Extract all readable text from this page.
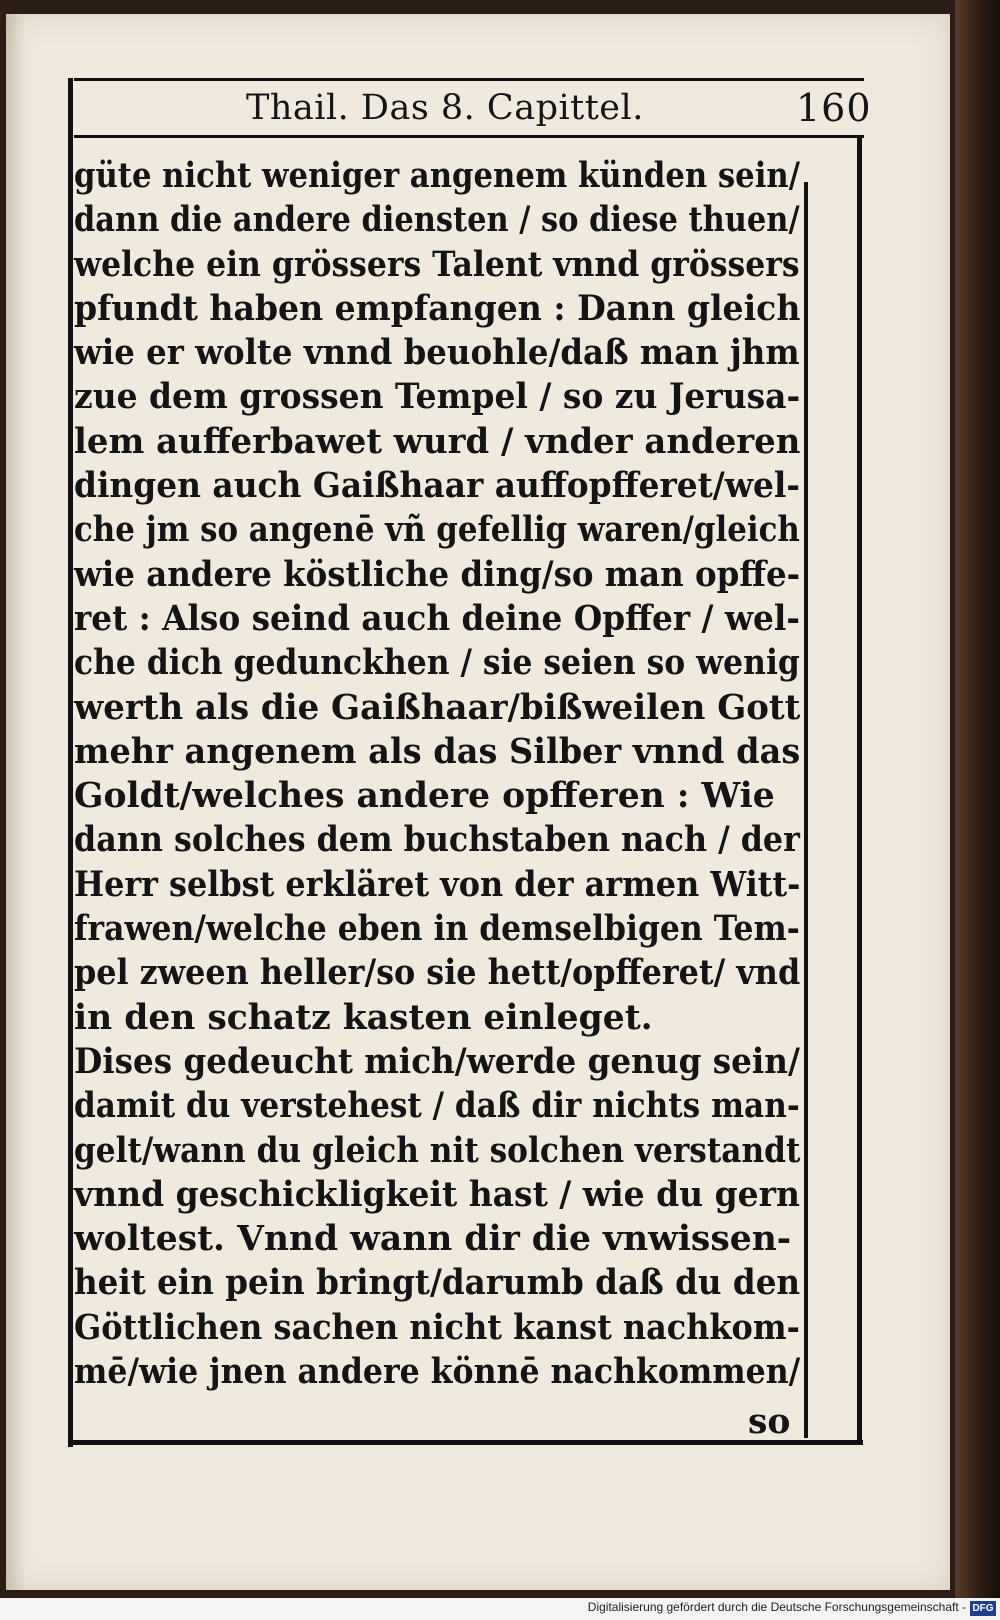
Thail. Das 8. Capittel.	160
güte nicht weniger angenem künden sein/
dann die andere diensten / so diese thuen/
welche ein grössers Talent vnnd grössers
pfundt haben empfangen : Dann gleich
wie er wolte vnnd beuohle/daß man jhm
zue dem grossen Tempel / so zu Jerusa-
lem aufferbawet wurd / vnder anderen
dingen auch Gaißhaar auffopfferet/wel-
che jm so angenē vñ gefellig waren/gleich
wie andere köstliche ding/so man opffe-
ret : Also seind auch deine Opffer / wel-
che dich gedunckhen / sie seien so wenig
werth als die Gaißhaar/bißweilen Gott
mehr angenem als das Silber vnnd das
Goldt/welches andere opfferen : Wie
dann solches dem buchstaben nach / der
Herr selbst erkläret von der armen Witt-
frawen/welche eben in demselbigen Tem-
pel zween heller/so sie hett/opfferet/ vnd
in den schatz kasten einleget.
Dises gedeucht mich/werde genug sein/
damit du verstehest / daß dir nichts man-
gelt/wann du gleich nit solchen verstandt
vnnd geschickligkeit hast / wie du gern
woltest. Vnnd wann dir die vnwissen-
heit ein pein bringt/darumb daß du den
Göttlichen sachen nicht kanst nachkom-
mē/wie jnen andere könnē nachkommen/
so
Digitalisierung gefördert durch die Deutsche Forschungsgemeinschaft - DFG
